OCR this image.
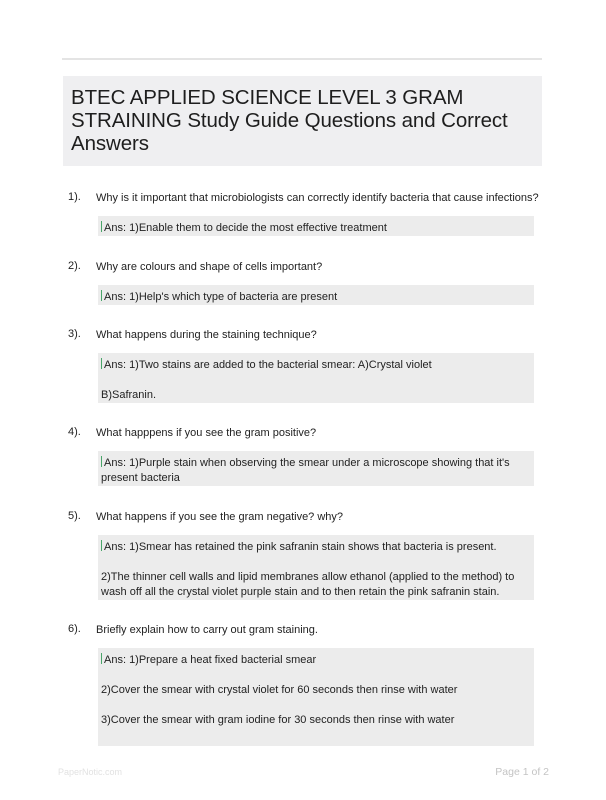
BTEC APPLIED SCIENCE LEVEL 3 GRAM STRAINING Study Guide Questions and Correct Answers
1). Why is it important that microbiologists can correctly identify bacteria that cause infections?

Ans: 1)Enable them to decide the most effective treatment

2). Why are colours and shape of cells important?

Ans: 1)Help's which type of bacteria are present

3). What happens during the staining technique?

Ans: 1)Two stains are added to the bacterial smear: A)Crystal violet

B)Safranin.

4). What happpens if you see the gram positive?

Ans: 1)Purple stain when observing the smear under a microscope showing that it's present bacteria

5). What happens if you see the gram negative? why?

Ans: 1)Smear has retained the pink safranin stain shows that bacteria is present.

2)The thinner cell walls and lipid membranes allow ethanol (applied to the method) to wash off all the crystal violet purple stain and to then retain the pink safranin stain.

6). Briefly explain how to carry out gram staining.

Ans: 1)Prepare a heat fixed bacterial smear

2)Cover the smear with crystal violet for 60 seconds then rinse with water

3)Cover the smear with gram iodine for 30 seconds then rinse with water

PaperNotic.com	Page 1 of 2
